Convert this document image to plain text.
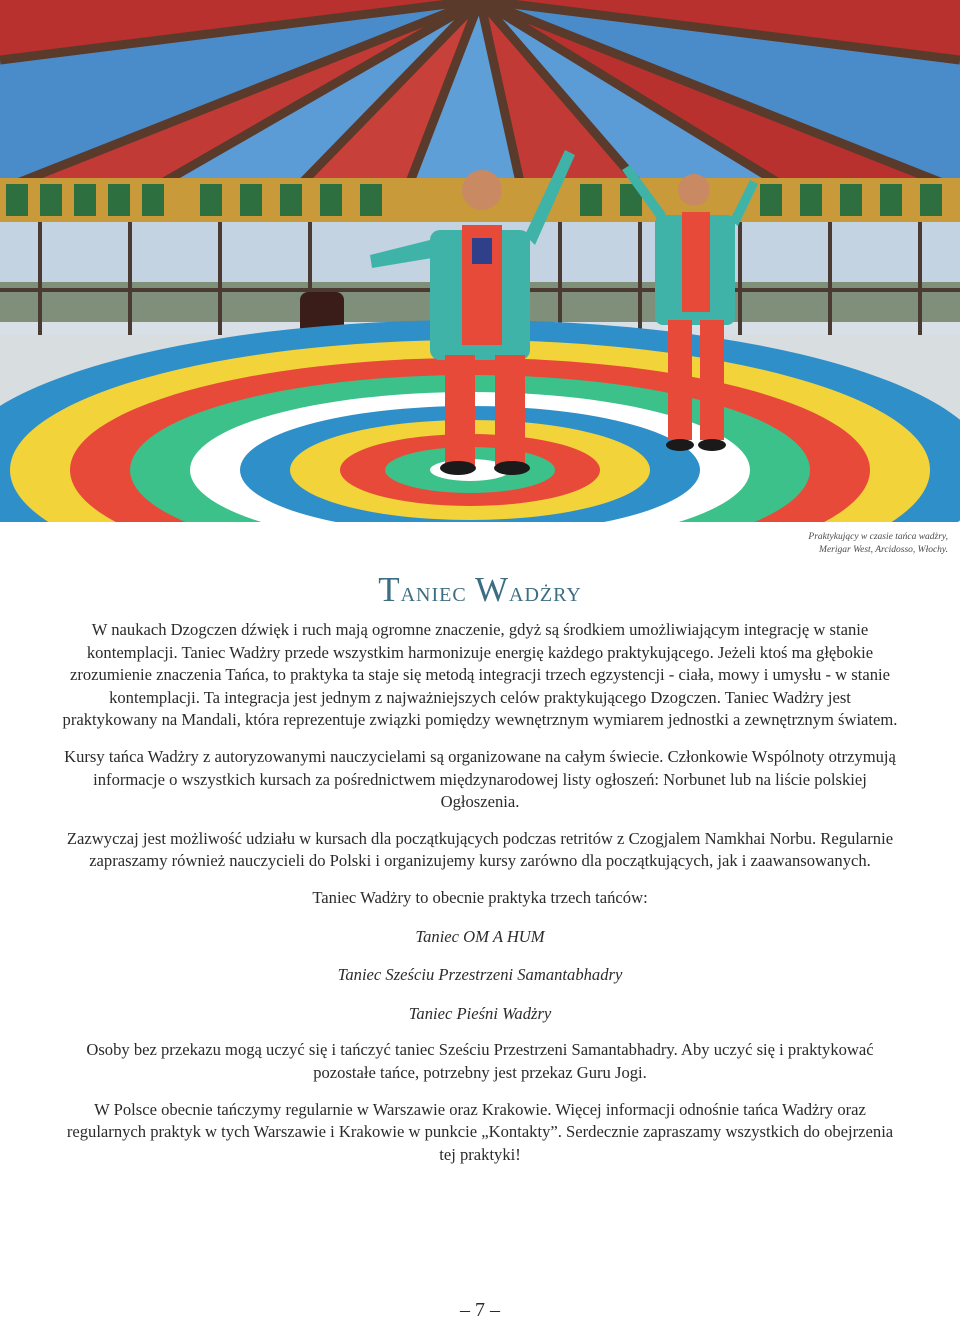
Praktykujący w czasie tańca wadżry,
Merigar West, Arcidosso, Włochy.
Taniec Wadżry

W naukach Dzogczen dźwięk i ruch mają ogromne znaczenie, gdyż są środkiem umożliwiającym integrację w stanie kontemplacji. Taniec Wadżry przede wszystkim harmonizuje energię każdego praktykującego. Jeżeli ktoś ma głębokie zrozumienie znaczenia Tańca, to praktyka ta staje się metodą integracji trzech egzystencji - ciała, mowy i umysłu - w stanie kontemplacji. Ta integracja jest jednym z najważniejszych celów praktykującego Dzogczen. Taniec Wadżry jest praktykowany na Mandali, która reprezentuje związki pomiędzy wewnętrznym wymiarem jednostki a zewnętrznym światem.

Kursy tańca Wadżry z autoryzowanymi nauczycielami są organizowane na całym świecie. Członkowie Wspólnoty otrzymują informacje o wszystkich kursach za pośrednictwem międzynarodowej listy ogłoszeń: Norbunet lub na liście polskiej Ogłoszenia.

Zazwyczaj jest możliwość udziału w kursach dla początkujących podczas retritów z Czogjalem Namkhai Norbu. Regularnie zapraszamy również nauczycieli do Polski i organizujemy kursy zarówno dla początkujących, jak i zaawansowanych.

Taniec Wadżry to obecnie praktyka trzech tańców:

Taniec OM A HUM

Taniec Sześciu Przestrzeni Samantabhadry

Taniec Pieśni Wadżry

Osoby bez przekazu mogą uczyć się i tańczyć taniec Sześciu Przestrzeni Samantabhadry. Aby uczyć się i praktykować pozostałe tańce, potrzebny jest przekaz Guru Jogi.

W Polsce obecnie tańczymy regularnie w Warszawie oraz Krakowie. Więcej informacji odnośnie tańca Wadżry oraz regularnych praktyk w tych Warszawie i Krakowie w punkcie „Kontakty”. Serdecznie zapraszamy wszystkich do obejrzenia tej praktyki!

– 7 –
